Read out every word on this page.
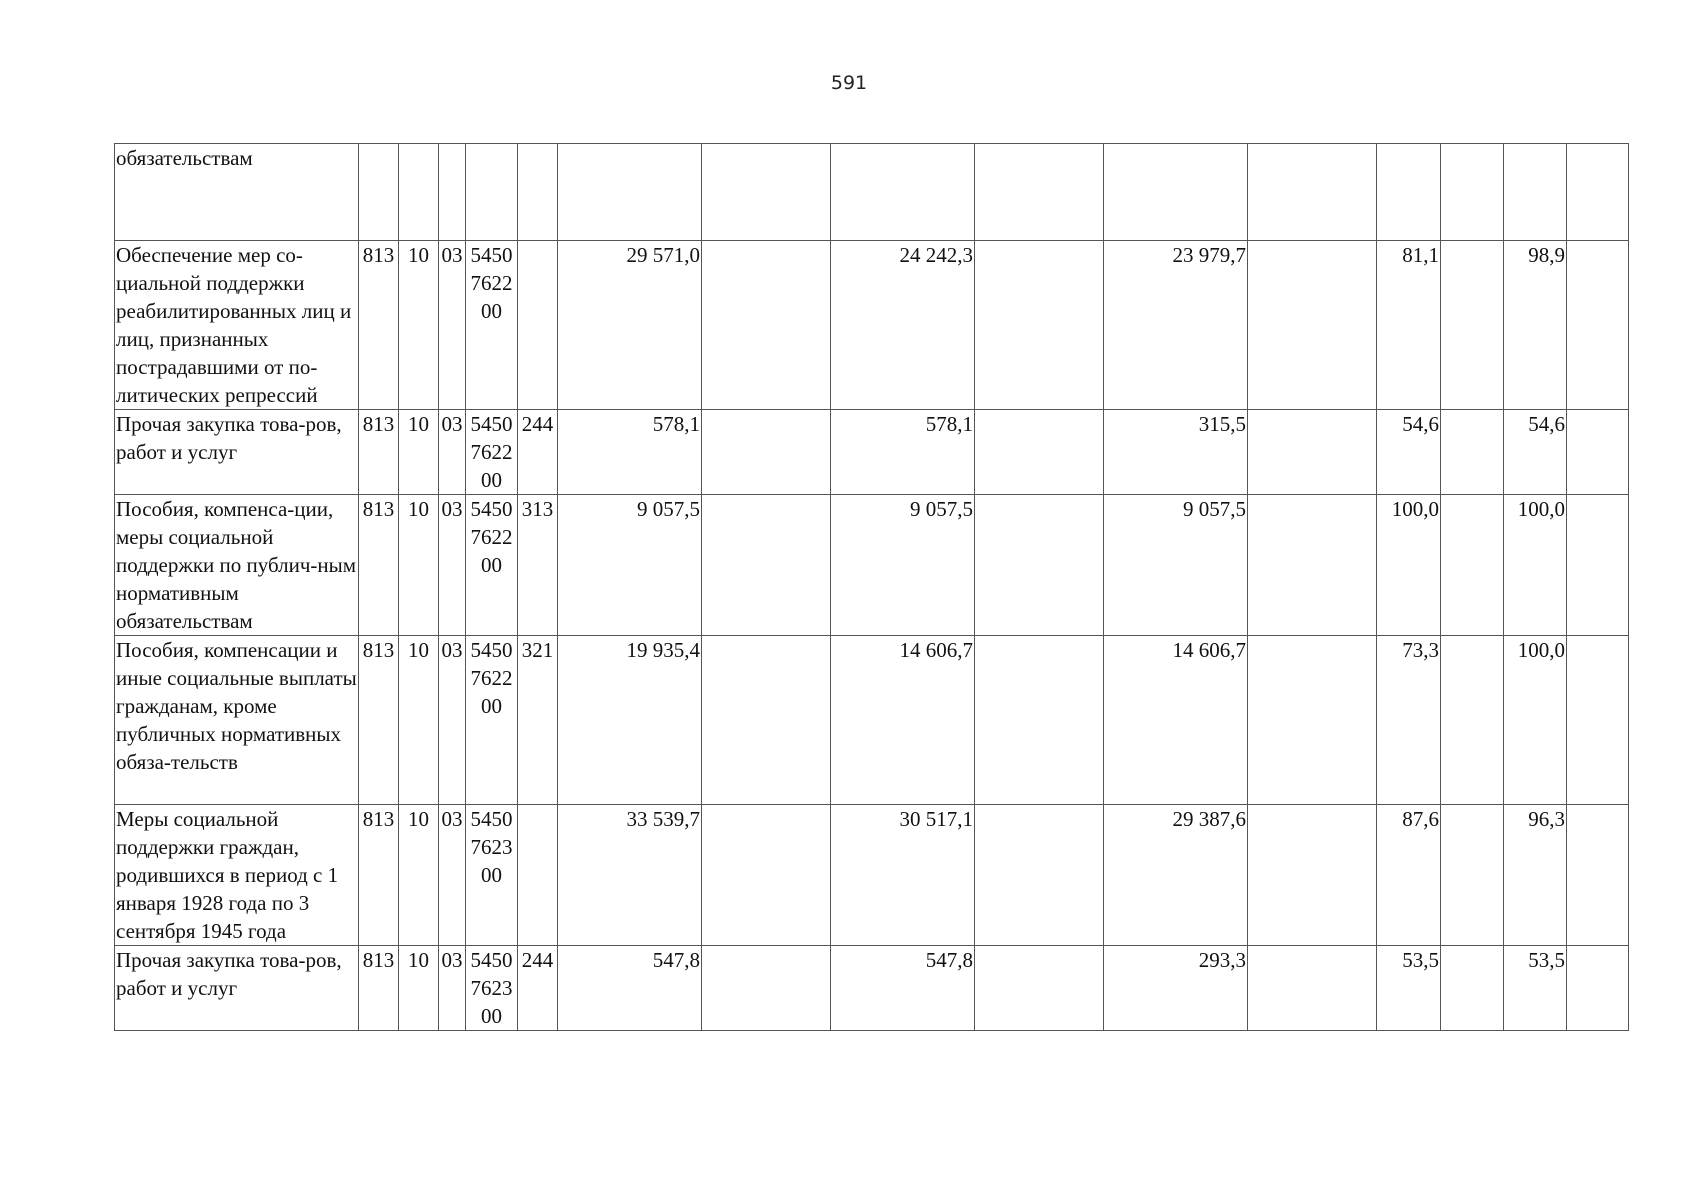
591
обязательствам															
Обеспечение мер со-циальной поддержки реабилитированных лиц и лиц, признанных пострадавшими от по-литических репрессий	813	10	03	5450762200		29 571,0		24 242,3		23 979,7		81,1		98,9	
Прочая закупка това-ров, работ и услуг	813	10	03	5450762200	244	578,1		578,1		315,5		54,6		54,6	
Пособия, компенса-ции, меры социальной поддержки по публич-ным нормативным обязательствам	813	10	03	5450762200	313	9 057,5		9 057,5		9 057,5		100,0		100,0	
Пособия, компенсации и иные социальные выплаты гражданам, кроме публичных нормативных обяза-тельств	813	10	03	5450762200	321	19 935,4		14 606,7		14 606,7		73,3		100,0	
Меры социальной поддержки граждан, родившихся в период с 1 января 1928 года по 3 сентября 1945 года	813	10	03	5450762300		33 539,7		30 517,1		29 387,6		87,6		96,3	
Прочая закупка това-ров, работ и услуг	813	10	03	5450762300	244	547,8		547,8		293,3		53,5		53,5	
